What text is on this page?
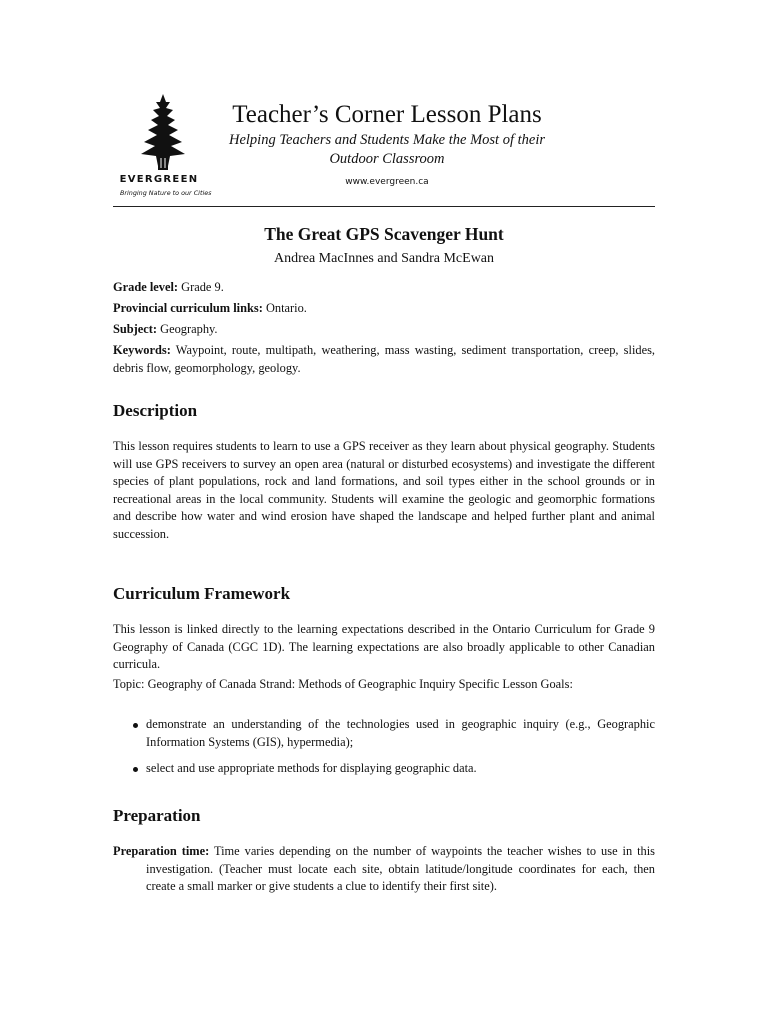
EVERGREEN
Bringing Nature to our Cities
Teacher’s Corner Lesson Plans
Helping Teachers and Students Make the Most of their Outdoor Classroom
www.evergreen.ca
The Great GPS Scavenger Hunt
Andrea MacInnes and Sandra McEwan
Grade level: Grade 9.
Provincial curriculum links: Ontario.
Subject: Geography.
Keywords: Waypoint, route, multipath, weathering, mass wasting, sediment transportation, creep, slides, debris flow, geomorphology, geology.
Description

This lesson requires students to learn to use a GPS receiver as they learn about physical geography. Students will use GPS receivers to survey an open area (natural or disturbed ecosystems) and investigate the different species of plant populations, rock and land formations, and soil types either in the school grounds or in recreational areas in the local community. Students will examine the geologic and geomorphic formations and describe how water and wind erosion have shaped the landscape and helped further plant and animal succession.

Curriculum Framework

This lesson is linked directly to the learning expectations described in the Ontario Curriculum for Grade 9 Geography of Canada (CGC 1D). The learning expectations are also broadly applicable to other Canadian curricula.

Topic: Geography of Canada Strand: Methods of Geographic Inquiry Specific Lesson Goals:

demonstrate an understanding of the technologies used in geographic inquiry (e.g., Geographic Information Systems (GIS), hypermedia);
select and use appropriate methods for displaying geographic data.
Preparation
Preparation time: Time varies depending on the number of waypoints the teacher wishes to use in this investigation. (Teacher must locate each site, obtain latitude/longitude coordinates for each, then create a small marker or give students a clue to identify their first site).
